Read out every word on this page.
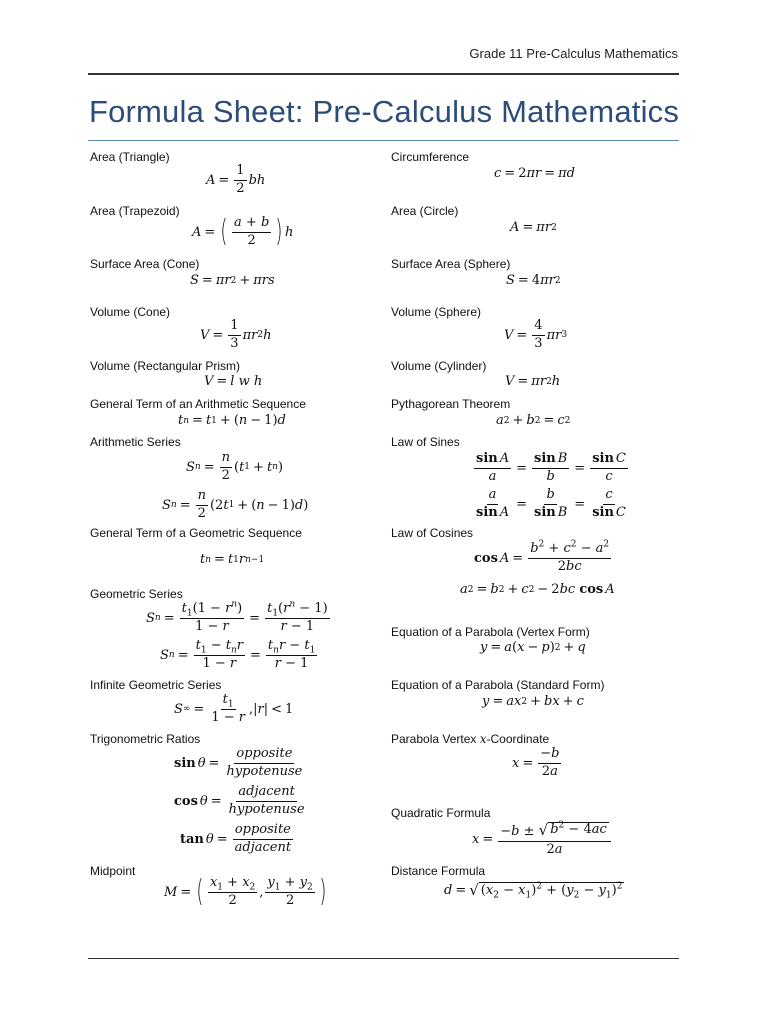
Grade 11 Pre-Calculus Mathematics
Formula Sheet: Pre-Calculus Mathematics
Area (Triangle)
$A = \frac{1}{2}$ bh
Area (Trapezoid)
A = ( $\frac{a + b}{2}$ ) h
Surface Area (Cone)
S = πr 2 + πrs
Volume (Cone)
$V = \frac{1}{3}$ πr 2 h
Volume (Rectangular Prism)
V = l w h
General Term of an Arithmetic Sequence
t n = t 1 + ( n − 1) d
Arithmetic Series
S $n = \frac{n}{2}$ ( t 1 + t n )
S $n = \frac{n}{2} (2$ t 1 + ( n − 1) d )
General Term of a Geometric Sequence
t n = t 1 r n−1
Geometric Series
S $n = \frac{t_1(1 - r^n)}{1 - r} = \frac{t_1(r^n - 1)}{r - 1}$
S $n = \frac{t_1 - t_nr}{1 - r} = \frac{t_nr - t_1}{r - 1}$
Infinite Geometric Series
S ∞ = $\frac{t_1}{1 - r}$ ,| r | < 1
Trigonometric Ratios
$\sin \theta = \frac{\text{opposite}}{\text{hypotenuse}}$
$\cos \theta = \frac{\text{adjacent}}{\text{hypotenuse}}$
$\tan \theta = \frac{\text{opposite}}{\text{adjacent}}$
Midpoint
M = ( $\frac{x_1 + x_2}{2}$ , $\frac{y_1 + y_2}{2}$ )
Circumference
c = 2 πr = πd
Area (Circle)
A = πr 2
Surface Area (Sphere)
S = 4 πr 2
Volume (Sphere)
$V = \frac{4}{3}$ πr 3
Volume (Cylinder)
V = πr 2 h
Pythagorean Theorem
a 2 + b 2 = c 2
Law of Sines
$\frac{\text{sin A}}{a} = \frac{\text{sin B}}{b} = \frac{\text{sin C}}{c}$
$\frac{a}{\text{sin A}} = \frac{b}{\text{sin B}} = \frac{c}{\text{sin C}}$
Law of Cosines
$\cos A = \frac{b^2 + c^2 - a^2}{2bc}$
a 2 = b 2 + c 2 − 2 bc
cos A
Equation of a Parabola (Vertex Form)
y = a ( x − p ) 2 + q
Equation of a Parabola (Standard Form)
y = ax 2 + bx + c
Parabola Vertex x-Coordinate
$x = \frac{-b}{2a}$
Quadratic Formula
$x = \frac{-b \pm √ b^2 - 4ac}{2a}$
Distance Formula
d = √ $(x_2 - x_1)^2 + (y_2 - y_1)^2$
